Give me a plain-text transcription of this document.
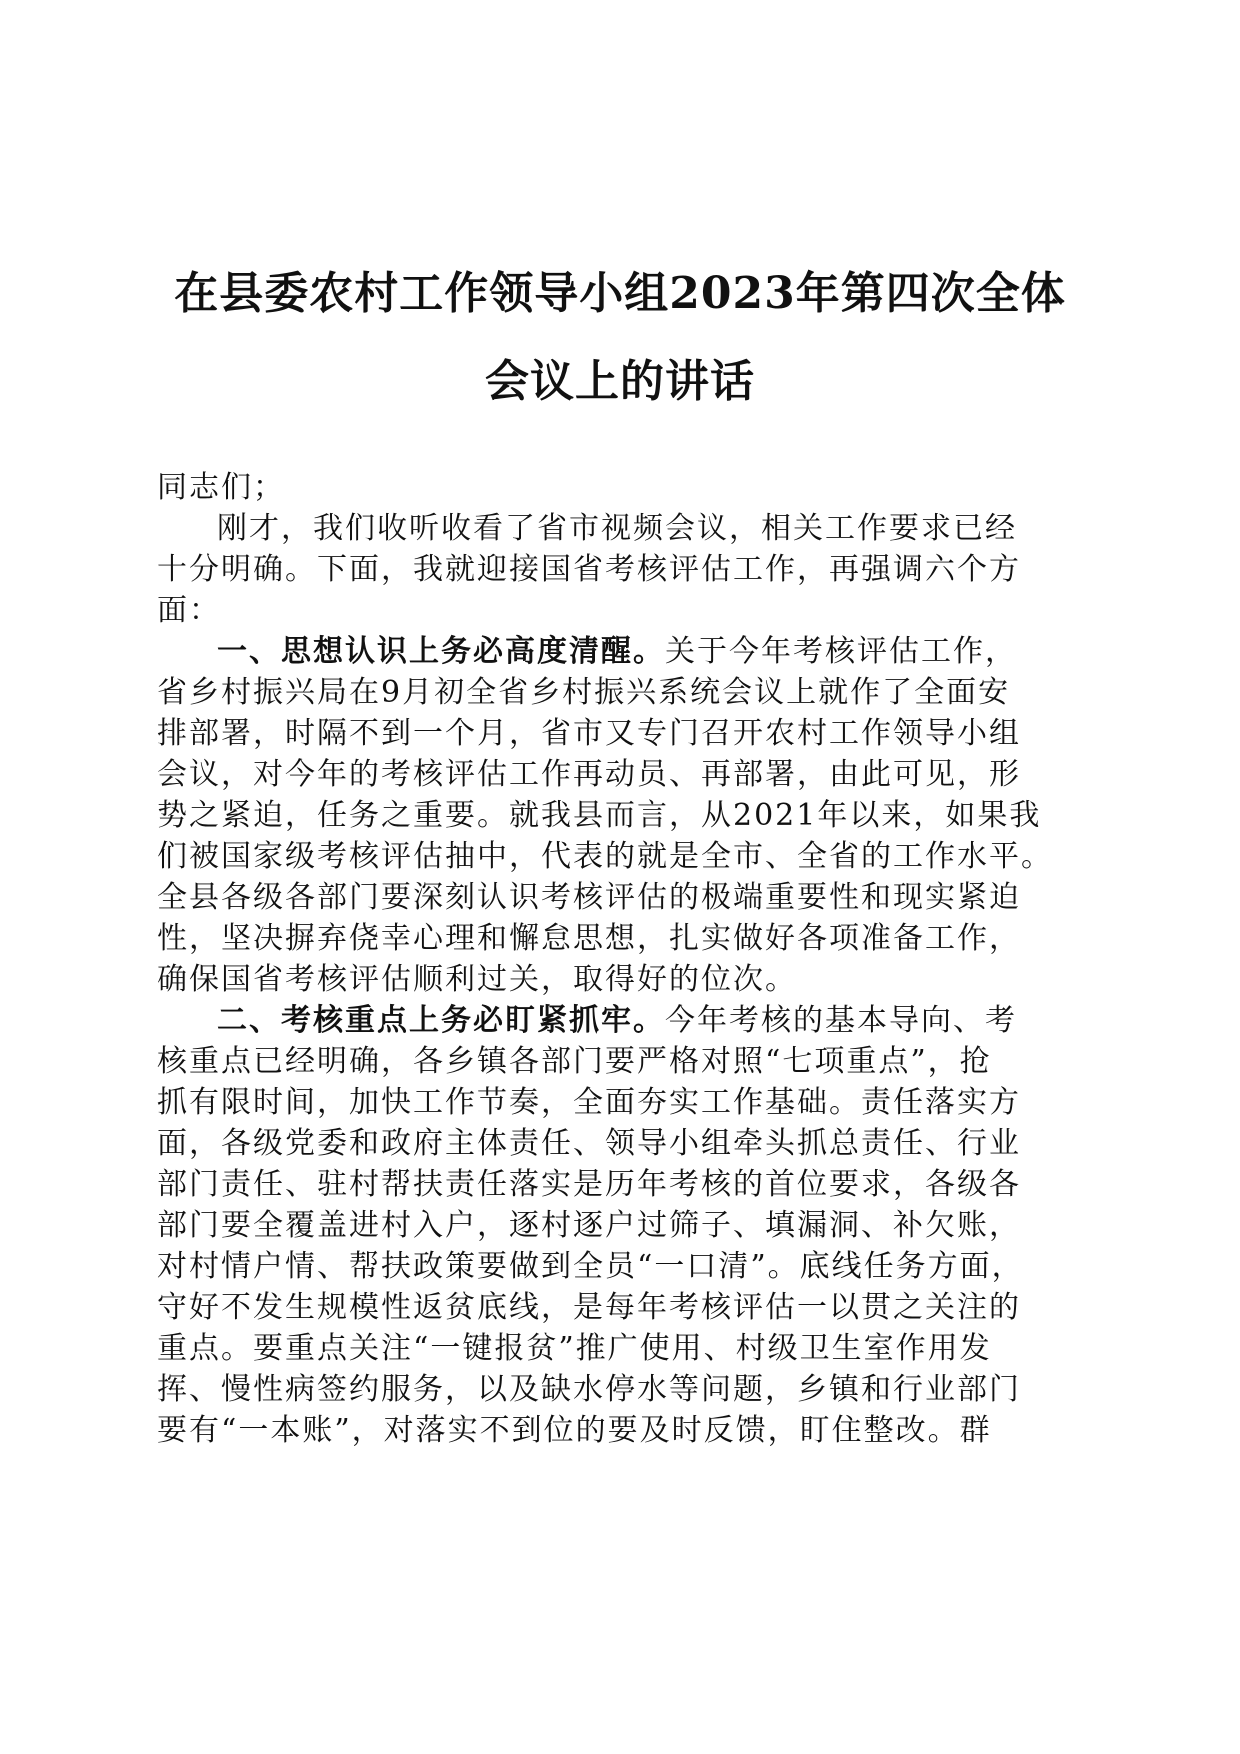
在县委农村工作领导小组2023年第四次全体
会议上的讲话
同志们；
刚才，我们收听收看了省市视频会议，相关工作要求已经
十分明确。下面，我就迎接国省考核评估工作，再强调六个方
面：
一、思想认识上务必高度清醒。关于今年考核评估工作，
省乡村振兴局在9月初全省乡村振兴系统会议上就作了全面安
排部署，时隔不到一个月，省市又专门召开农村工作领导小组
会议，对今年的考核评估工作再动员、再部署，由此可见，形
势之紧迫，任务之重要。就我县而言，从2021年以来，如果我
们被国家级考核评估抽中，代表的就是全市、全省的工作水平。
全县各级各部门要深刻认识考核评估的极端重要性和现实紧迫
性，坚决摒弃侥幸心理和懈怠思想，扎实做好各项准备工作，
确保国省考核评估顺利过关，取得好的位次。
二、考核重点上务必盯紧抓牢。今年考核的基本导向、考
核重点已经明确，各乡镇各部门要严格对照“七项重点”，抢
抓有限时间，加快工作节奏，全面夯实工作基础。责任落实方
面，各级党委和政府主体责任、领导小组牵头抓总责任、行业
部门责任、驻村帮扶责任落实是历年考核的首位要求，各级各
部门要全覆盖进村入户，逐村逐户过筛子、填漏洞、补欠账，
对村情户情、帮扶政策要做到全员“一口清”。底线任务方面，
守好不发生规模性返贫底线，是每年考核评估一以贯之关注的
重点。要重点关注“一键报贫”推广使用、村级卫生室作用发
挥、慢性病签约服务，以及缺水停水等问题，乡镇和行业部门
要有“一本账”，对落实不到位的要及时反馈，盯住整改。群
